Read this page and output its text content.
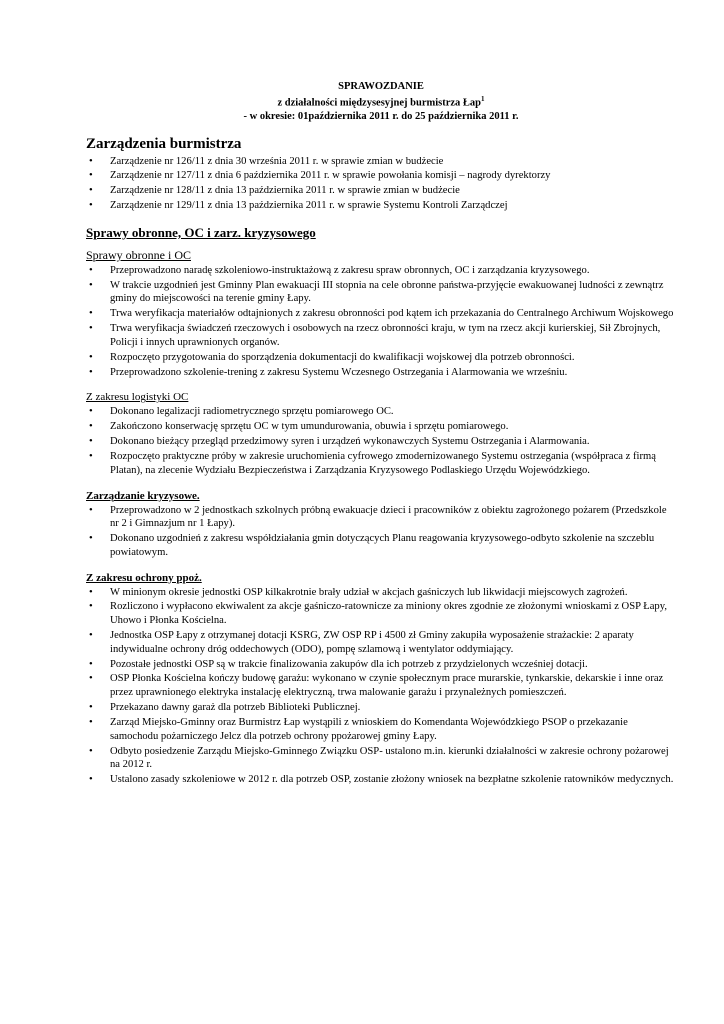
SPRAWOZDANIE
z działalności międzysesyjnej burmistrza Łap$^1$
- w okresie: 01października 2011 r. do 25 października 2011 r.
Zarządzenia burmistrza
• Zarządzenie nr 126/11 z dnia 30 września 2011 r. w sprawie zmian w budżecie
• Zarządzenie nr 127/11 z dnia 6 października 2011 r. w sprawie powołania komisji – nagrody dyrektorzy
• Zarządzenie nr 128/11 z dnia 13 października 2011 r. w sprawie zmian w budżecie
• Zarządzenie nr 129/11 z dnia 13 października 2011 r. w sprawie Systemu Kontroli Zarządczej
Sprawy obronne, OC i zarz. kryzysowego
Sprawy obronne i OC
• Przeprowadzono naradę szkoleniowo-instruktażową z zakresu spraw obronnych, OC i zarządzania kryzysowego.
• W trakcie uzgodnień jest Gminny Plan ewakuacji III stopnia na cele obronne państwa-przyjęcie ewakuowanej ludności z zewnątrz gminy do miejscowości na terenie gminy Łapy.
• Trwa weryfikacja materiałów odtajnionych z zakresu obronności pod kątem ich przekazania do Centralnego Archiwum Wojskowego
• Trwa weryfikacja świadczeń rzeczowych i osobowych na rzecz obronności kraju, w tym na rzecz akcji kurierskiej, Sił Zbrojnych, Policji i innych uprawnionych organów.
• Rozpoczęto przygotowania do sporządzenia dokumentacji do kwalifikacji wojskowej dla potrzeb obronności.
• Przeprowadzono szkolenie-trening z zakresu Systemu Wczesnego Ostrzegania i Alarmowania we wrześniu.
Z zakresu logistyki OC
• Dokonano legalizacji radiometrycznego sprzętu pomiarowego OC.
• Zakończono konserwację sprzętu OC w tym umundurowania, obuwia i sprzętu pomiarowego.
• Dokonano bieżący przegląd przedzimowy syren i urządzeń wykonawczych Systemu Ostrzegania i Alarmowania.
• Rozpoczęto praktyczne próby w zakresie uruchomienia cyfrowego zmodernizowanego Systemu ostrzegania (współpraca z firmą Platan), na zlecenie Wydziału Bezpieczeństwa i Zarządzania Kryzysowego Podlaskiego Urzędu Wojewódzkiego.
Zarządzanie kryzysowe.
• Przeprowadzono w 2 jednostkach szkolnych próbną ewakuacje dzieci i pracowników z obiektu zagrożonego pożarem (Przedszkole nr 2 i Gimnazjum nr 1 Łapy).
• Dokonano uzgodnień z zakresu współdziałania gmin dotyczących Planu reagowania kryzysowego-odbyto szkolenie na szczeblu powiatowym.
Z zakresu ochrony ppoż.
• W minionym okresie jednostki OSP kilkakrotnie brały udział w akcjach gaśniczych lub likwidacji miejscowych zagrożeń.
• Rozliczono i wypłacono ekwiwalent za akcje gaśniczo-ratownicze za miniony okres zgodnie ze złożonymi wnioskami z OSP Łapy, Uhowo i Płonka Kościelna.
• Jednostka OSP Łapy z otrzymanej dotacji KSRG, ZW OSP RP i 4500 zł Gminy zakupiła wyposażenie strażackie: 2 aparaty indywidualne ochrony dróg oddechowych (ODO), pompę szlamową i wentylator oddymiający.
• Pozostałe jednostki OSP są w trakcie finalizowania zakupów dla ich potrzeb z przydzielonych wcześniej dotacji.
• OSP Płonka Kościelna kończy budowę garażu: wykonano w czynie społecznym prace murarskie, tynkarskie, dekarskie i inne oraz przez uprawnionego elektryka instalację elektryczną, trwa malowanie garażu i przynależnych pomieszczeń.
• Przekazano dawny garaż dla potrzeb Biblioteki Publicznej.
• Zarząd Miejsko-Gminny oraz Burmistrz Łap wystąpili z wnioskiem do Komendanta Wojewódzkiego PSOP o przekazanie samochodu pożarniczego Jelcz dla potrzeb ochrony ppożarowej gminy Łapy.
• Odbyto posiedzenie Zarządu Miejsko-Gminnego Związku OSP- ustalono m.in. kierunki działalności w zakresie ochrony pożarowej na 2012 r.
• Ustalono zasady szkoleniowe w 2012 r. dla potrzeb OSP, zostanie złożony wniosek na bezpłatne szkolenie ratowników medycznych.
